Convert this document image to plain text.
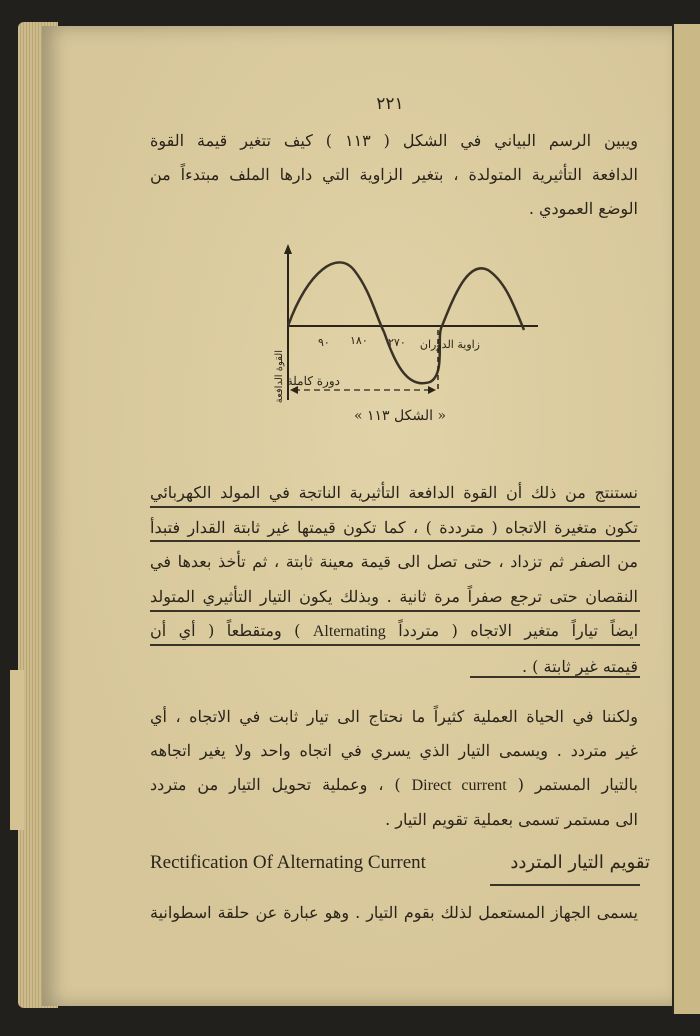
٢٢١
ويبين الرسم البياني في الشكل ( ١١٣ ) كيف تتغير قيمة القوة
الدافعة التأثيرية المتولدة ، بتغير الزاوية التي دارها الملف مبتدءاً من
الوضع العمودي .
٩٠ ١٨٠ ٢٧٠ زاوية الدوران
دورة كاملة
القوة الدافعة
« الشكل ١١٣ »
نستنتج من ذلك أن القوة الدافعة التأثيرية الناتجة في المولد الكهربائي
تكون متغيرة الاتجاه ( مترددة ) ، كما تكون قيمتها غير ثابتة القدار فتبدأ
من الصفر ثم تزداد ، حتى تصل الى قيمة معينة ثابتة ، ثم تأخذ بعدها في
النقصان حتى ترجع صفراً مرة ثانية . وبذلك يكون التيار التأثيري المتولد
ايضاً تياراً متغير الاتجاه ( متردداً Alternating ) ومتقطعاً ( أي أن
قيمته غير ثابتة ) .
ولكننا في الحياة العملية كثيراً ما نحتاج الى تيار ثابت في الاتجاه ، أي
غير متردد . ويسمى التيار الذي يسري في اتجاه واحد ولا يغير اتجاهه
بالتيار المستمر ( Direct current ) ، وعملية تحويل التيار من متردد
الى مستمر تسمى بعملية تقويم التيار .
Rectification Of Alternating Current	تقويم التيار المتردد
يسمى الجهاز المستعمل لذلك بقوم التيار . وهو عبارة عن حلقة اسطوانية
